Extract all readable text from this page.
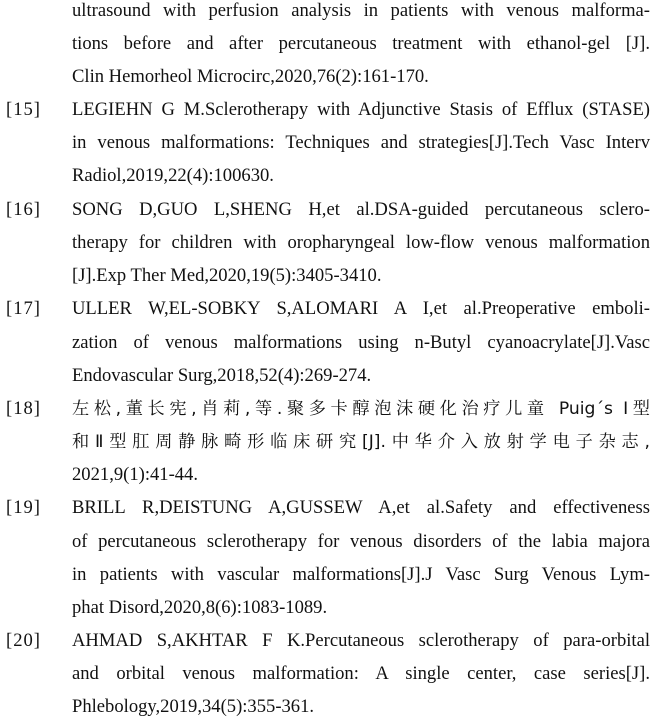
ultrasound with perfusion analysis in patients with venous malforma-
tions before and after percutaneous treatment with ethanol-gel [J].
Clin Hemorheol Microcirc,2020,76(2):161-170.
[15]	LEGIEHN G M.Sclerotherapy with Adjunctive Stasis of Efflux (STASE)
in venous malformations: Techniques and strategies[J].Tech Vasc Interv
Radiol,2019,22(4):100630.
[16]	SONG D,GUO L,SHENG H,et al.DSA-guided percutaneous sclero-
therapy for children with oropharyngeal low-flow venous malformation
[J].Exp Ther Med,2020,19(5):3405-3410.
[17]	ULLER W,EL-SOBKY S,ALOMARI A I,et al.Preoperative emboli-
zation of venous malformations using n-Butyl cyanoacrylate[J].Vasc
Endovascular Surg,2018,52(4):269-274.
[18]	左松,董长宪,肖莉,等.聚多卡醇泡沫硬化治疗儿童 Puig´s Ⅰ型
和Ⅱ型肛周静脉畸形临床研究[J].中华介入放射学电子杂志,
2021,9(1):41-44.
[19]	BRILL R,DEISTUNG A,GUSSEW A,et al.Safety and effectiveness
of percutaneous sclerotherapy for venous disorders of the labia majora
in patients with vascular malformations[J].J Vasc Surg Venous Lym-
phat Disord,2020,8(6):1083-1089.
[20]	AHMAD S,AKHTAR F K.Percutaneous sclerotherapy of para-orbital
and orbital venous malformation: A single center, case series[J].
Phlebology,2019,34(5):355-361.
